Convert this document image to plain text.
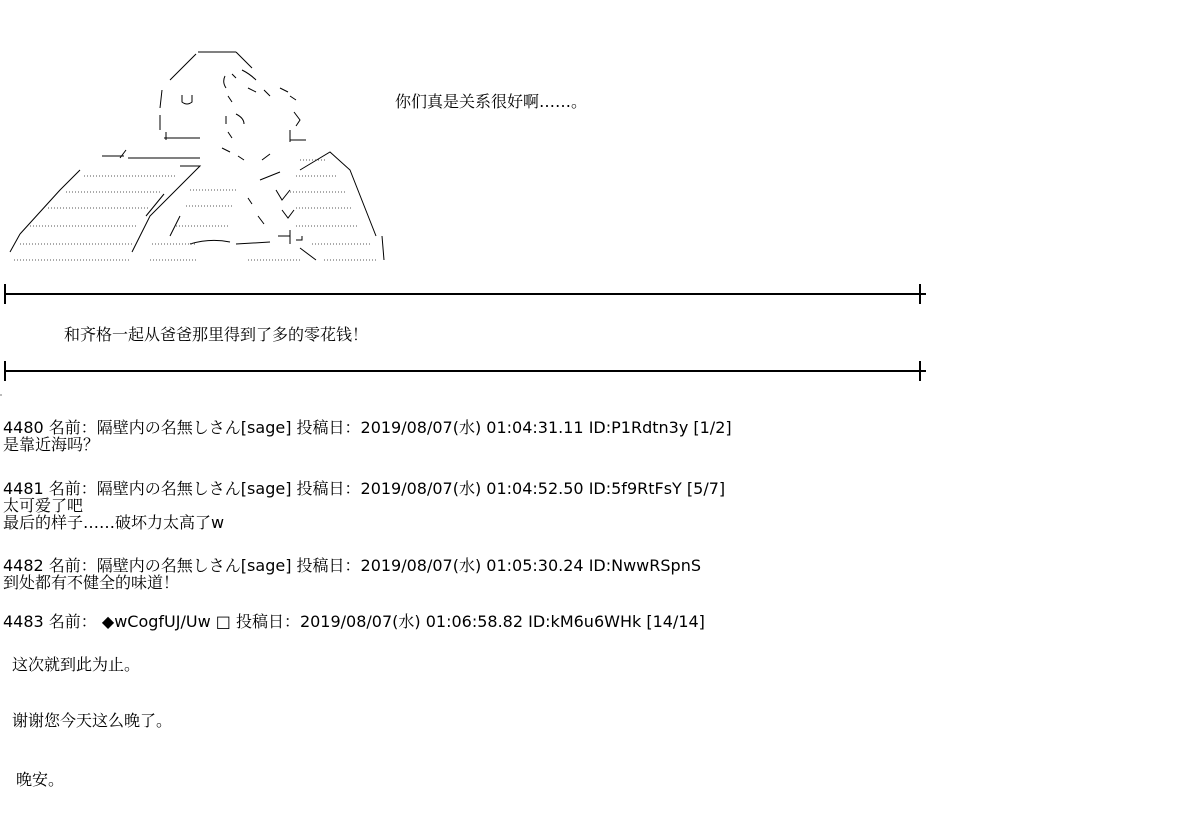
你们真是关系很好啊……。
和齐格一起从爸爸那里得到了多的零花钱！
4480 名前：隔壁内の名無しさん[sage] 投稿日：2019/08/07(水) 01:04:31.11 ID:P1Rdtn3y [1/2]
是靠近海吗？
4481 名前：隔壁内の名無しさん[sage] 投稿日：2019/08/07(水) 01:04:52.50 ID:5f9RtFsY [5/7]
太可爱了吧
最后的样子……破坏力太高了w
4482 名前：隔壁内の名無しさん[sage] 投稿日：2019/08/07(水) 01:05:30.24 ID:NwwRSpnS
到处都有不健全的味道！
4483 名前： ◆wCogfUJ/Uw □ 投稿日：2019/08/07(水) 01:06:58.82 ID:kM6u6WHk [14/14]
这次就到此为止。
谢谢您今天这么晚了。
晚安。
